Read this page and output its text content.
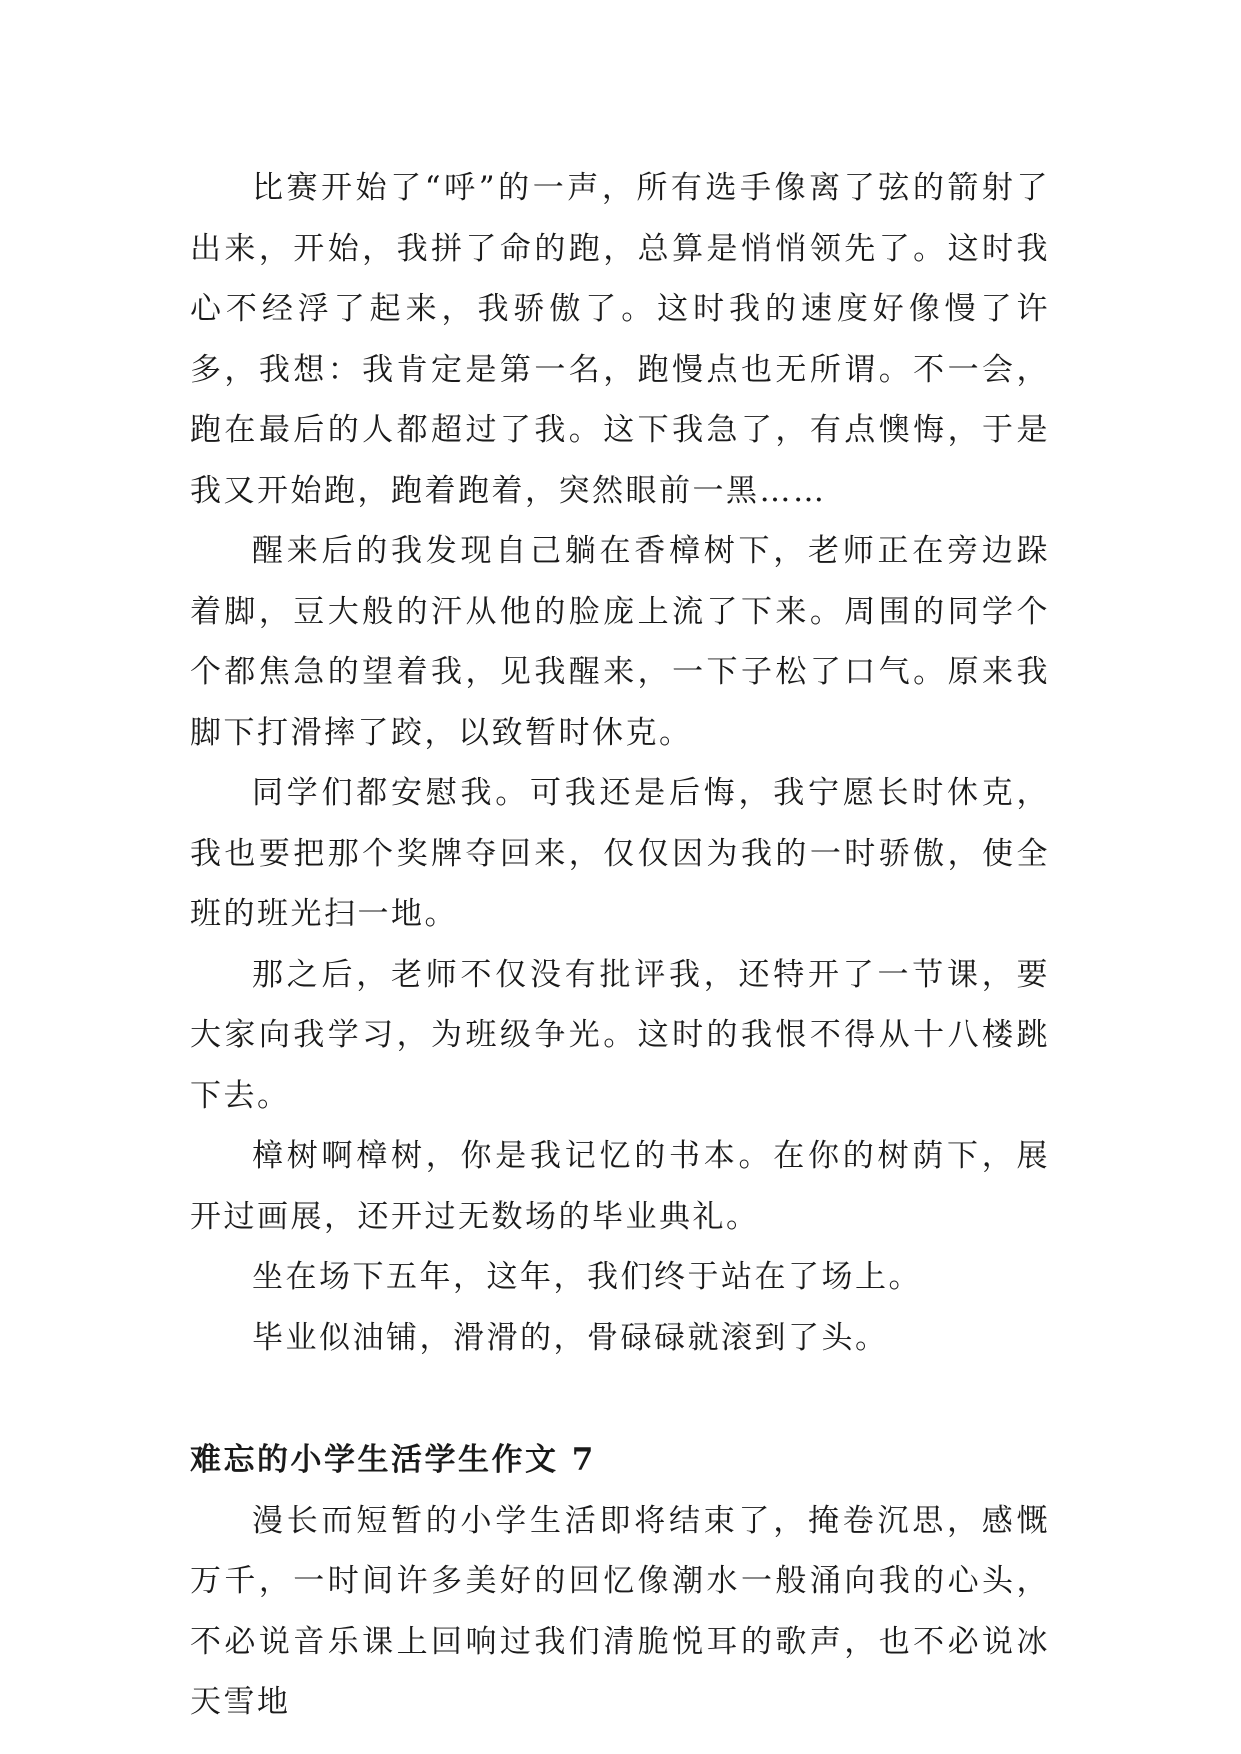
比赛开始了“呼”的一声，所有选手像离了弦的箭射了出来，开始，我拼了命的跑，总算是悄悄领先了。这时我心不经浮了起来，我骄傲了。这时我的速度好像慢了许多，我想：我肯定是第一名，跑慢点也无所谓。不一会，跑在最后的人都超过了我。这下我急了，有点懊悔，于是我又开始跑，跑着跑着，突然眼前一黑……

醒来后的我发现自己躺在香樟树下，老师正在旁边跺着脚，豆大般的汗从他的脸庞上流了下来。周围的同学个个都焦急的望着我，见我醒来，一下子松了口气。原来我脚下打滑摔了跤，以致暂时休克。

同学们都安慰我。可我还是后悔，我宁愿长时休克，我也要把那个奖牌夺回来，仅仅因为我的一时骄傲，使全班的班光扫一地。

那之后，老师不仅没有批评我，还特开了一节课，要大家向我学习，为班级争光。这时的我恨不得从十八楼跳下去。

樟树啊樟树，你是我记忆的书本。在你的树荫下，展开过画展，还开过无数场的毕业典礼。

坐在场下五年，这年，我们终于站在了场上。

毕业似油铺，滑滑的，骨碌碌就滚到了头。

难忘的小学生活学生作文 7

漫长而短暂的小学生活即将结束了，掩卷沉思，感慨万千，一时间许多美好的回忆像潮水一般涌向我的心头，不必说音乐课上回响过我们清脆悦耳的歌声，也不必说冰天雪地
